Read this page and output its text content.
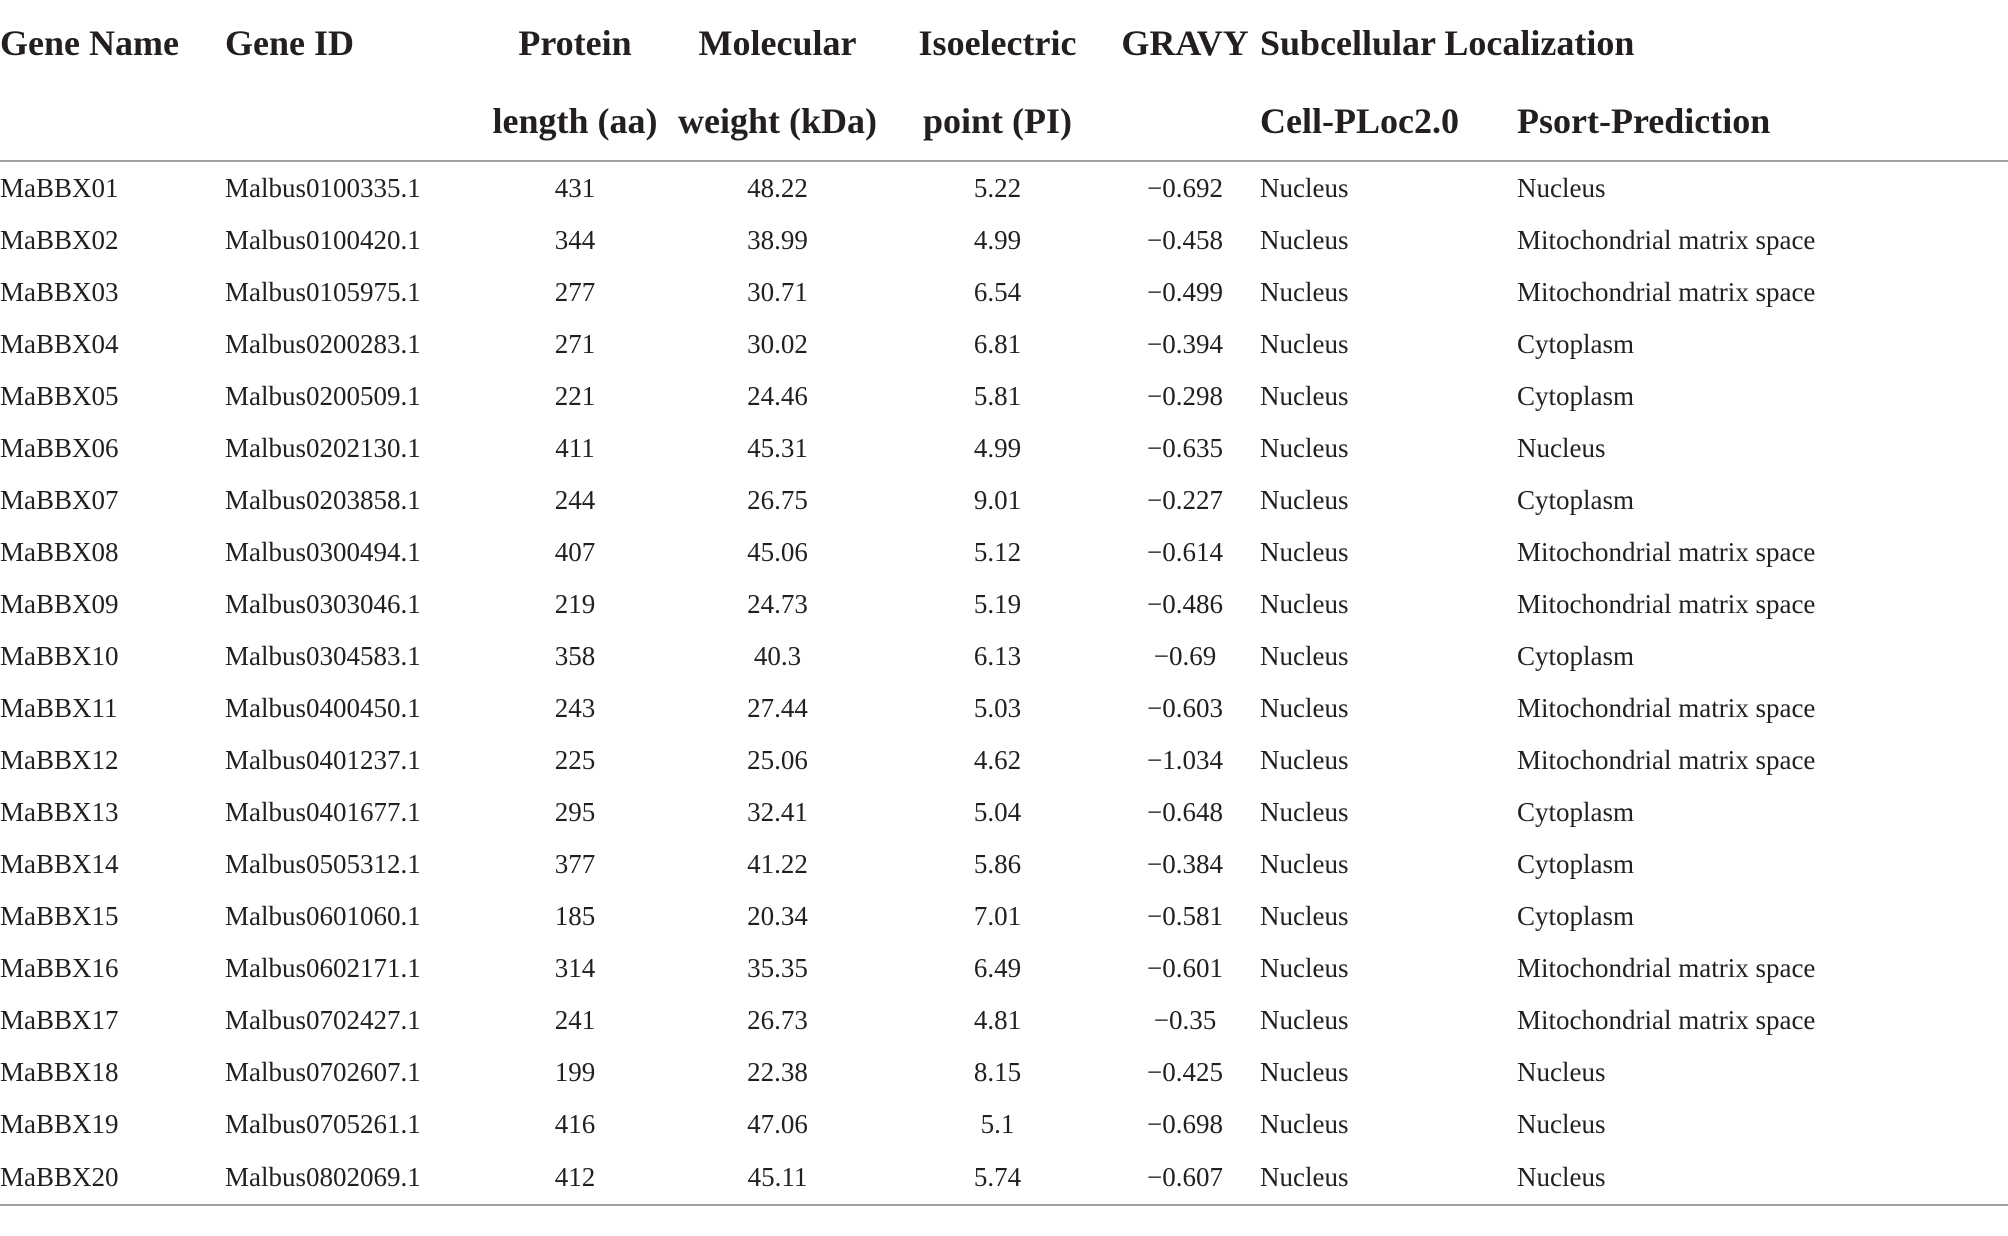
Gene Name	Gene ID	Protein	Molecular	Isoelectric	GRAVY	Subcellular Localization	
		length (aa)	weight (kDa)	point (PI)		Cell-PLoc2.0	Psort-Prediction
MaBBX01	Malbus0100335.1	431	48.22	5.22	−0.692	Nucleus	Nucleus
MaBBX02	Malbus0100420.1	344	38.99	4.99	−0.458	Nucleus	Mitochondrial matrix space
MaBBX03	Malbus0105975.1	277	30.71	6.54	−0.499	Nucleus	Mitochondrial matrix space
MaBBX04	Malbus0200283.1	271	30.02	6.81	−0.394	Nucleus	Cytoplasm
MaBBX05	Malbus0200509.1	221	24.46	5.81	−0.298	Nucleus	Cytoplasm
MaBBX06	Malbus0202130.1	411	45.31	4.99	−0.635	Nucleus	Nucleus
MaBBX07	Malbus0203858.1	244	26.75	9.01	−0.227	Nucleus	Cytoplasm
MaBBX08	Malbus0300494.1	407	45.06	5.12	−0.614	Nucleus	Mitochondrial matrix space
MaBBX09	Malbus0303046.1	219	24.73	5.19	−0.486	Nucleus	Mitochondrial matrix space
MaBBX10	Malbus0304583.1	358	40.3	6.13	−0.69	Nucleus	Cytoplasm
MaBBX11	Malbus0400450.1	243	27.44	5.03	−0.603	Nucleus	Mitochondrial matrix space
MaBBX12	Malbus0401237.1	225	25.06	4.62	−1.034	Nucleus	Mitochondrial matrix space
MaBBX13	Malbus0401677.1	295	32.41	5.04	−0.648	Nucleus	Cytoplasm
MaBBX14	Malbus0505312.1	377	41.22	5.86	−0.384	Nucleus	Cytoplasm
MaBBX15	Malbus0601060.1	185	20.34	7.01	−0.581	Nucleus	Cytoplasm
MaBBX16	Malbus0602171.1	314	35.35	6.49	−0.601	Nucleus	Mitochondrial matrix space
MaBBX17	Malbus0702427.1	241	26.73	4.81	−0.35	Nucleus	Mitochondrial matrix space
MaBBX18	Malbus0702607.1	199	22.38	8.15	−0.425	Nucleus	Nucleus
MaBBX19	Malbus0705261.1	416	47.06	5.1	−0.698	Nucleus	Nucleus
MaBBX20	Malbus0802069.1	412	45.11	5.74	−0.607	Nucleus	Nucleus
